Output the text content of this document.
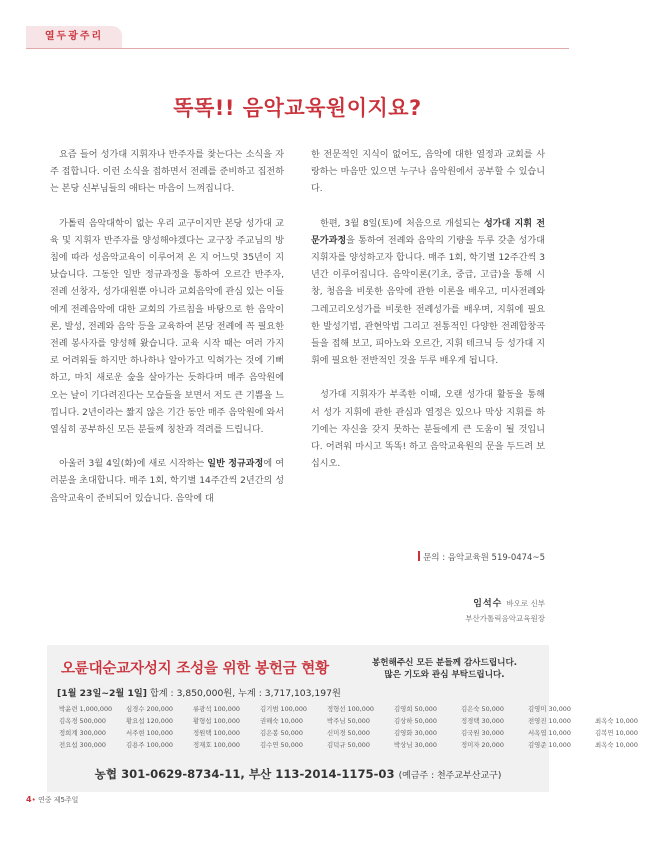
열두광주리
똑똑!! 음악교육원이지요?

요즘 들어 성가대 지휘자나 반주자를 찾는다는 소식을 자주 접합니다. 이런 소식을 접하면서 전례를 준비하고 집전하는 본당 신부님들의 애타는 마음이 느껴집니다.

가톨릭 음악대학이 없는 우리 교구이지만 본당 성가대 교육 및 지휘자 반주자를 양성해야겠다는 교구장 주교님의 방침에 따라 성음악교육이 이루어져 온 지 어느덧 35년이 지났습니다. 그동안 일반 정규과정을 통하여 오르간 반주자, 전례 선창자, 성가대원뿐 아니라 교회음악에 관심 있는 이들에게 전례음악에 대한 교회의 가르침을 바탕으로 한 음악이론, 발성, 전례와 음악 등을 교육하여 본당 전례에 꼭 필요한 전례 봉사자를 양성해 왔습니다. 교육 시작 때는 여러 가지로 어려워들 하지만 하나하나 알아가고 익혀가는 것에 기뻐하고, 마치 새로운 숲을 살아가는 듯하다며 매주 음악원에 오는 날이 기다려진다는 모습들을 보면서 저도 큰 기쁨을 느낍니다. 2년이라는 짧지 않은 기간 동안 매주 음악원에 와서 열심히 공부하신 모든 분들께 칭찬과 격려를 드립니다.

아울러 3월 4일(화)에 새로 시작하는 일반 정규과정에 여러분을 초대합니다. 매주 1회, 학기별 14주간씩 2년간의 성음악교육이 준비되어 있습니다. 음악에 대

한 전문적인 지식이 없어도, 음악에 대한 열정과 교회를 사랑하는 마음만 있으면 누구나 음악원에서 공부할 수 있습니다.

한편, 3월 8일(토)에 처음으로 개설되는 성가대 지휘 전문가과정을 통하여 전례와 음악의 기량을 두루 갖춘 성가대 지휘자를 양성하고자 합니다. 매주 1회, 학기별 12주간씩 3년간 이루어집니다. 음악이론(기초, 중급, 고급)을 통해 시창, 청음을 비롯한 음악에 관한 이론을 배우고, 미사전례와 그레고리오성가를 비롯한 전례성가를 배우며, 지휘에 필요한 발성기법, 관현악법 그리고 전통적인 다양한 전례합창곡들을 접해 보고, 피아노와 오르간, 지휘 테크닉 등 성가대 지휘에 필요한 전반적인 것을 두루 배우게 됩니다.

성가대 지휘자가 부족한 이때, 오랜 성가대 활동을 통해서 성가 지휘에 관한 관심과 열정은 있으나 막상 지휘를 하기에는 자신을 갖지 못하는 분들에게 큰 도움이 될 것입니다. 어려워 마시고 똑똑! 하고 음악교육원의 문을 두드려 보십시오.

문의 : 음악교육원 519-0474~5
임석수 바오로 신부
부산가톨릭음악교육원장
오륜대순교자성지 조성을 위한 봉헌금 현황	봉헌해주신 모든 분들께 감사드립니다.
많은 기도와 관심 부탁드립니다.
[1월 23일~2월 1일] 합계 : 3,850,000원, 누계 : 3,717,103,197원
박윤련 1,000,000 심경수 200,000	류광석 100,000	김기범 100,000	정형선 100,000	김영희 50,000	김은숙 50,000	김영미 30,000
김옥경 500,000	황요섭 120,000	황형섭 100,000	권해숙 10,000	박주님 50,000	김상하 50,000	정경택 30,000	전영진 10,000	최옥숙 10,000
정희계 300,000	서주현 100,000	정원택 100,000	김은봉 50,000	신미경 50,000	김영화 30,000	김국원 30,000	서옥엽 10,000	김복연 10,000
전요섭 300,000	김용주 100,000	정재호 100,000	김수연 50,000	김덕규 50,000	박상님 30,000	정미자 20,000	김영준 10,000	최옥숙 10,000
농협 301-0629-8734-11, 부산 113-2014-1175-03 (예금주 : 천주교부산교구)
4• 연중 제5주일
